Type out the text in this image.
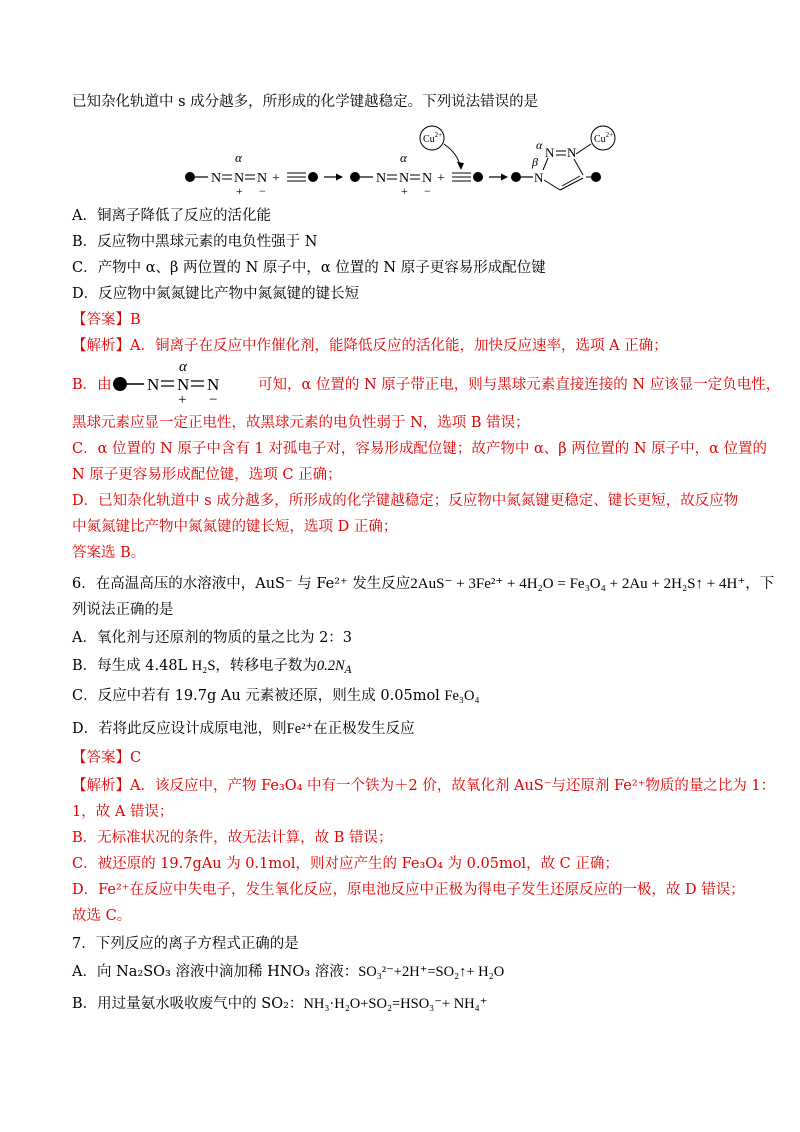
已知杂化轨道中 s 成分越多，所形成的化学键越稳定。下列说法错误的是
N
α
N
+
N
−
+	N
α
N
+
N
−
+
$Cu^{2+}$
N
β
α N N
$Cu^{2+}$
A．铜离子降低了反应的活化能
B．反应物中黑球元素的电负性强于 N
C．产物中 α、β 两位置的 N 原子中，α 位置的 N 原子更容易形成配位键
D．反应物中氮氮键比产物中氮氮键的键长短
【答案】B
【解析】A．铜离子在反应中作催化剂，能降低反应的活化能，加快反应速率，选项 A 正确；
B．由 N
α
N
+
N
−
可知，α 位置的 N 原子带正电，则与黑球元素直接连接的 N 应该显一定负电性，
黑球元素应显一定正电性，故黑球元素的电负性弱于 N，选项 B 错误；
C．α 位置的 N 原子中含有 1 对孤电子对，容易形成配位键；故产物中 α、β 两位置的 N 原子中，α 位置的
N 原子更容易形成配位键，选项 C 正确；
D．已知杂化轨道中 s 成分越多，所形成的化学键越稳定；反应物中氮氮键更稳定、键长更短，故反应物
中氮氮键比产物中氮氮键的键长短，选项 D 正确；
答案选 B。
6．在高温高压的水溶液中，AuS⁻ 与 Fe²⁺ 发生反应2AuS⁻ + 3Fe²⁺ + 4H₂O = Fe₃O₄ + 2Au + 2H₂S↑ + 4H⁺，下
列说法正确的是
A．氧化剂与还原剂的物质的量之比为 2：3
B．每生成 4.48L H₂S，转移电子数为$0.2N_A$
C．反应中若有 19.7g Au 元素被还原，则生成 0.05mol Fe₃O₄
D．若将此反应设计成原电池，则Fe²⁺在正极发生反应
【答案】C
【解析】A．该反应中，产物 Fe₃O₄ 中有一个铁为＋2 价，故氧化剂 AuS⁻与还原剂 Fe²⁺物质的量之比为 1：
1，故 A 错误；
B．无标准状况的条件，故无法计算，故 B 错误；
C．被还原的 19.7gAu 为 0.1mol，则对应产生的 Fe₃O₄ 为 0.05mol，故 C 正确；
D．Fe²⁺在反应中失电子，发生氧化反应，原电池反应中正极为得电子发生还原反应的一极，故 D 错误；
故选 C。
7．下列反应的离子方程式正确的是
A．向 Na₂SO₃ 溶液中滴加稀 HNO₃ 溶液：SO₃²⁻+2H⁺=SO₂↑+ H₂O
B．用过量氨水吸收废气中的 SO₂：NH₃·H₂O+SO₂=HSO₃⁻+ NH₄⁺
